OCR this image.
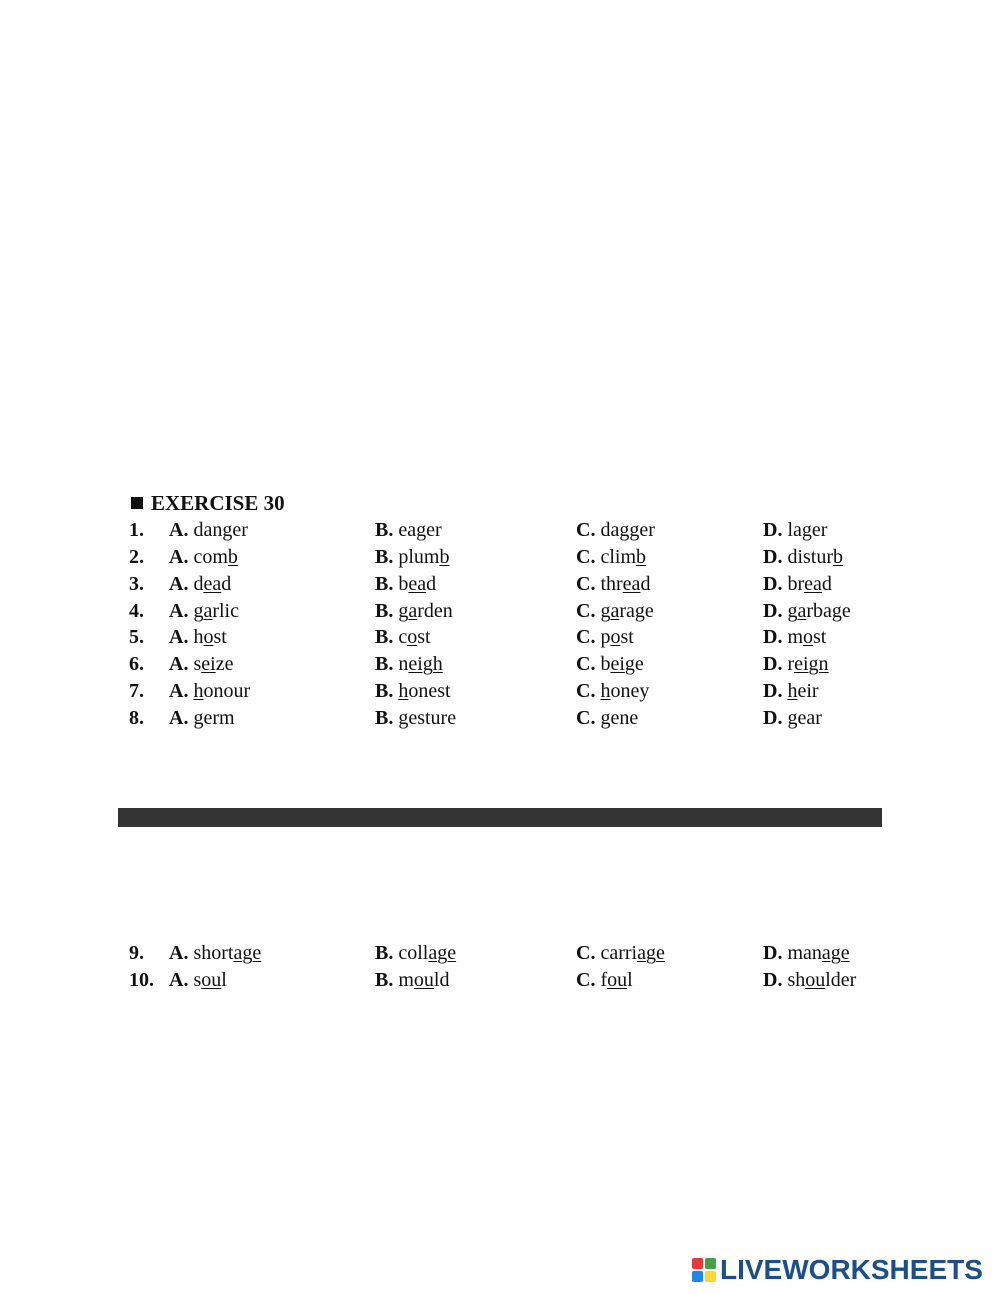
EXERCISE 30
1. A. danger	B. eager	C. dagger	D. lager
2. A. comb	B. plumb	C. climb	D. disturb
3. A. dead	B. bead	C. thread	D. bread
4. A. garlic	B. garden	C. garage	D. garbage
5. A. host	B. cost	C. post	D. most
6. A. seize	B. neigh	C. beige	D. reign
7. A. honour	B. honest	C. honey	D. heir
8. A. germ	B. gesture	C. gene	D. gear
9. A. shortage	B. collage	C. carriage	D. manage
10. A. soul	B. mould	C. foul	D. shoulder
LIVEWORKSHEETS
